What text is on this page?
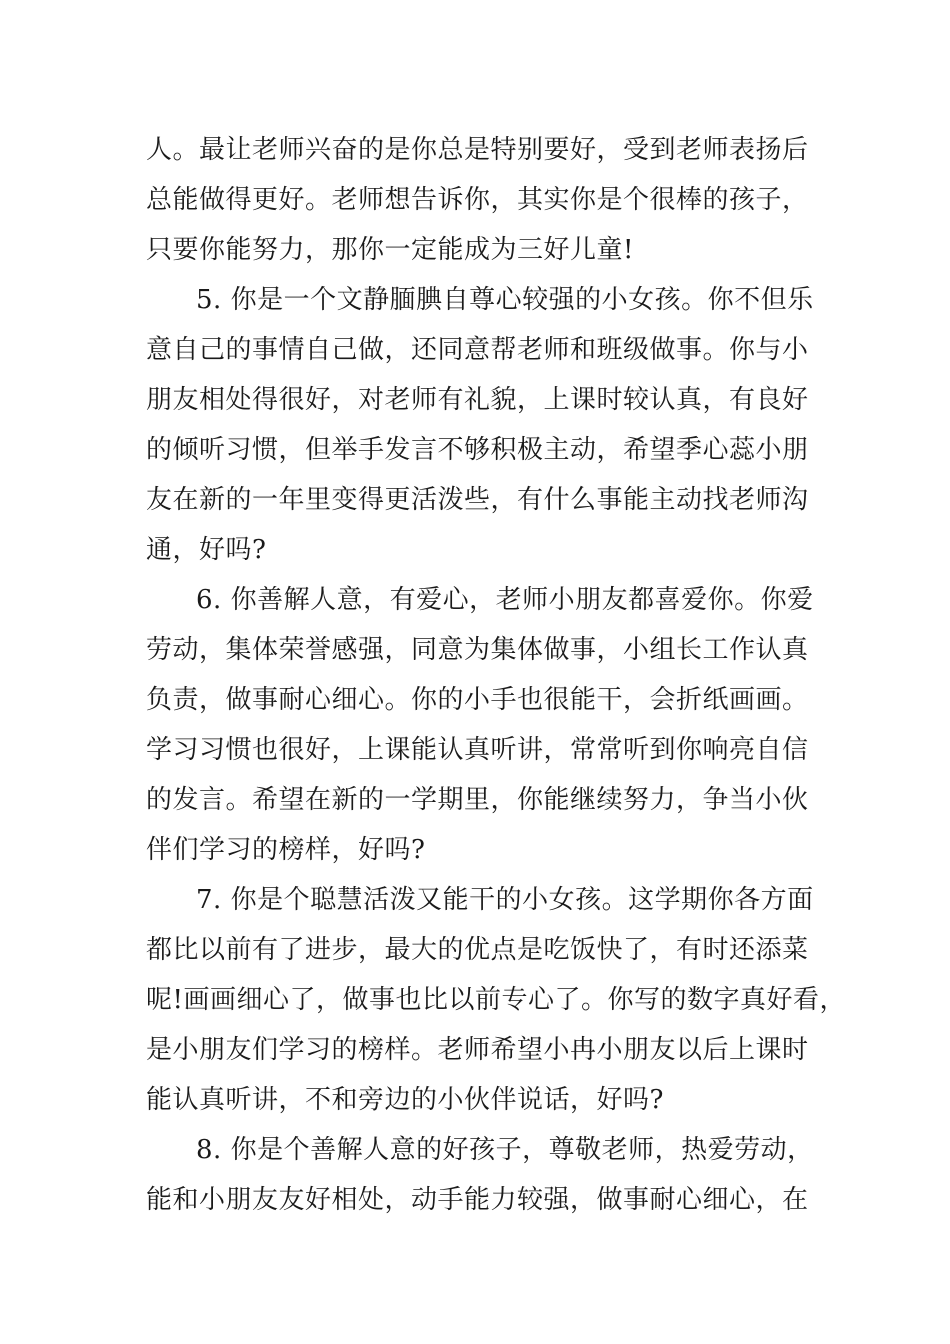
人。最让老师兴奋的是你总是特别要好，受到老师表扬后
总能做得更好。老师想告诉你，其实你是个很棒的孩子，
只要你能努力，那你一定能成为三好儿童!
5. 你是一个文静腼腆自尊心较强的小女孩。你不但乐
意自己的事情自己做，还同意帮老师和班级做事。你与小
朋友相处得很好，对老师有礼貌，上课时较认真，有良好
的倾听习惯，但举手发言不够积极主动，希望季心蕊小朋
友在新的一年里变得更活泼些，有什么事能主动找老师沟
通，好吗?
6. 你善解人意，有爱心，老师小朋友都喜爱你。你爱
劳动，集体荣誉感强，同意为集体做事，小组长工作认真
负责，做事耐心细心。你的小手也很能干，会折纸画画。
学习习惯也很好，上课能认真听讲，常常听到你响亮自信
的发言。希望在新的一学期里，你能继续努力，争当小伙
伴们学习的榜样，好吗?
7. 你是个聪慧活泼又能干的小女孩。这学期你各方面
都比以前有了进步，最大的优点是吃饭快了，有时还添菜
呢!画画细心了，做事也比以前专心了。你写的数字真好看，
是小朋友们学习的榜样。老师希望小冉小朋友以后上课时
能认真听讲，不和旁边的小伙伴说话，好吗?
8. 你是个善解人意的好孩子，尊敬老师，热爱劳动，
能和小朋友友好相处，动手能力较强，做事耐心细心，在
